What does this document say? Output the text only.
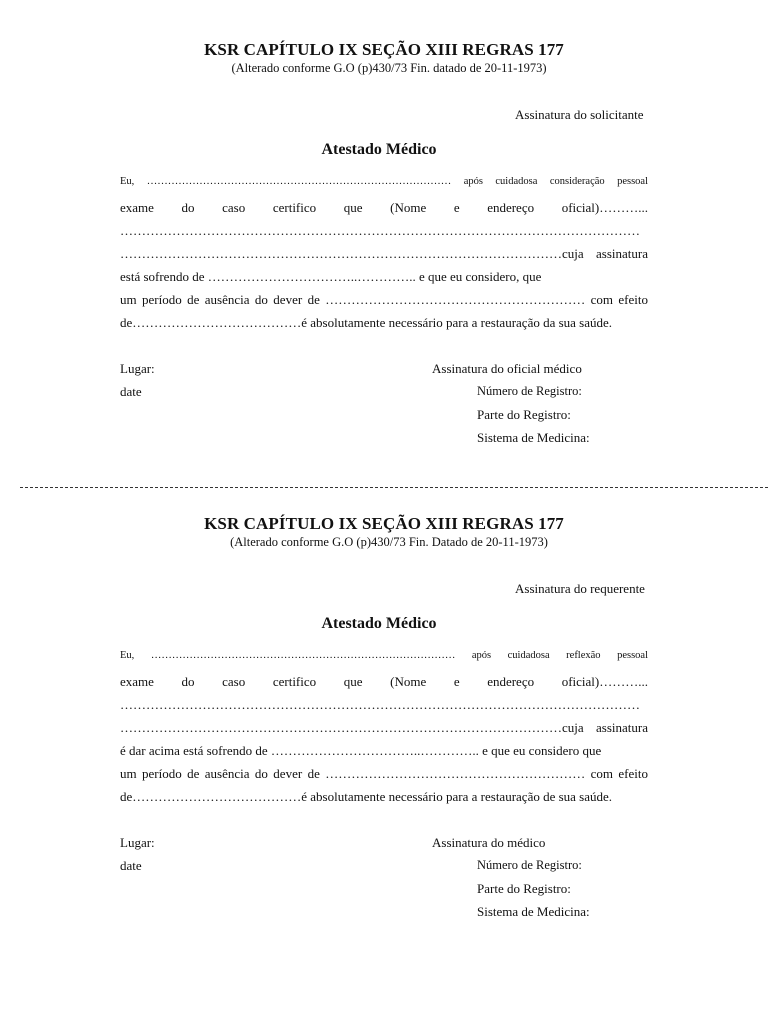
KSR CAPÍTULO IX SEÇÃO XIII REGRAS 177
(Alterado conforme G.O (p)430/73 Fin. datado de 20-11-1973)
Assinatura do solicitante
Atestado Médico
Eu, …………………………………………………………………………… após cuidadosa consideração pessoal
exame do caso certifico que (Nome e endereço oficial)………...
…………………………………………………………………………………………………………
…………………………………………………………………………………………cuja assinatura
está sofrendo de ……………………………..………….. e que eu considero, que
um período de ausência do dever de …………………………………………………… com efeito
de…………………………………é absolutamente necessário para a restauração da sua saúde.
Lugar:
date
Assinatura do oficial médico
Número de Registro:
Parte do Registro:
Sistema de Medicina:
KSR CAPÍTULO IX SEÇÃO XIII REGRAS 177
(Alterado conforme G.O (p)430/73 Fin. Datado de 20-11-1973)
Assinatura do requerente
Atestado Médico
Eu, …………………………………………………………………………… após cuidadosa reflexão pessoal
exame do caso certifico que (Nome e endereço oficial)………...
…………………………………………………………………………………………………………
…………………………………………………………………………………………cuja assinatura
é dar acima está sofrendo de ……………………………..………….. e que eu considero que
um período de ausência do dever de …………………………………………………… com efeito
de…………………………………é absolutamente necessário para a restauração de sua saúde.
Lugar:
date
Assinatura do médico
Número de Registro:
Parte do Registro:
Sistema de Medicina:
